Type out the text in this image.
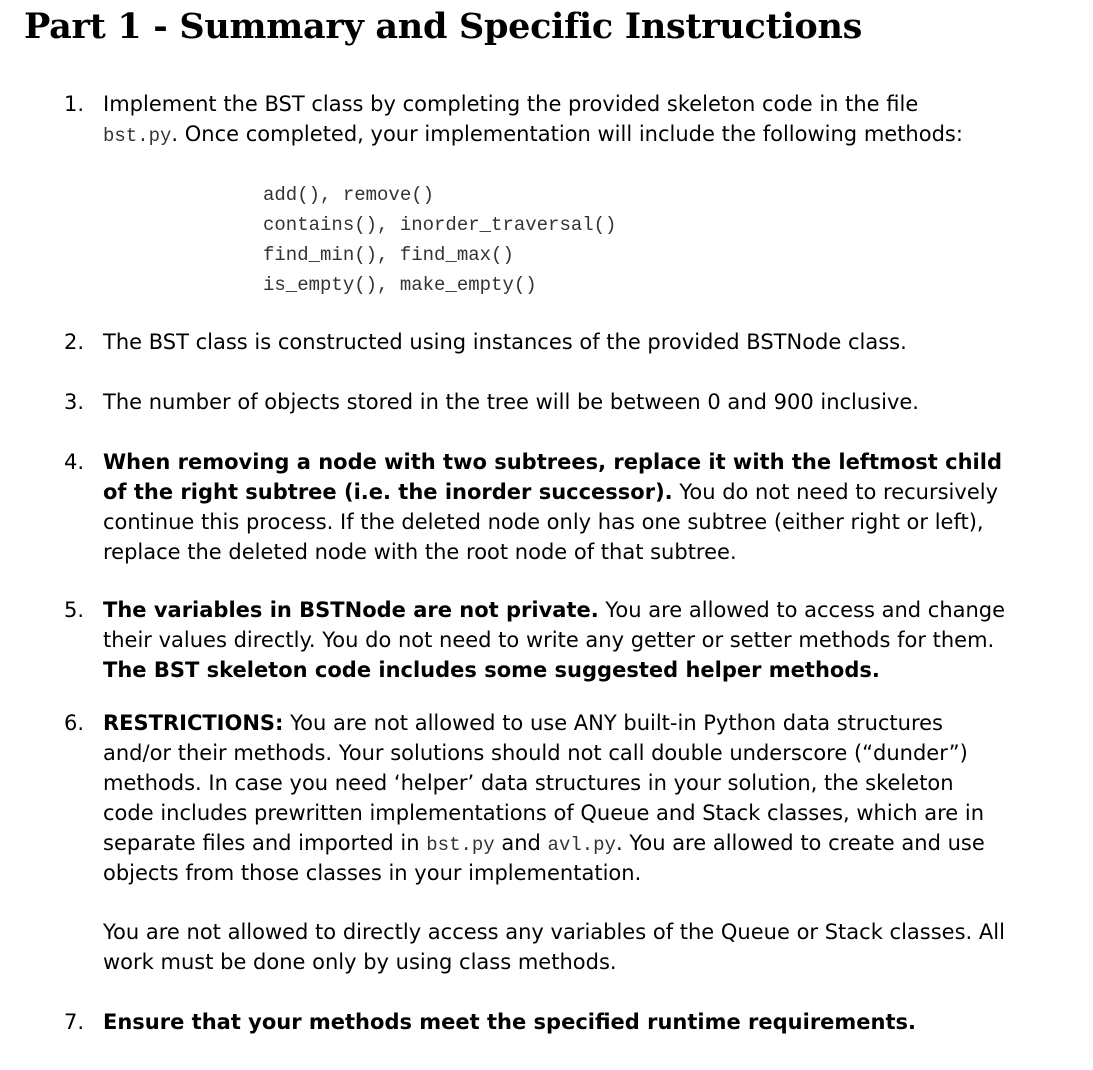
Part 1 - Summary and Specific Instructions
1. Implement the BST class by completing the provided skeleton code in the file
bst.py. Once completed, your implementation will include the following methods:
add(), remove()
contains(), inorder_traversal()
find_min(), find_max()
is_empty(), make_empty()
2. The BST class is constructed using instances of the provided BSTNode class.
3. The number of objects stored in the tree will be between 0 and 900 inclusive.
4. When removing a node with two subtrees, replace it with the leftmost child
of the right subtree (i.e. the inorder successor). You do not need to recursively
continue this process. If the deleted node only has one subtree (either right or left),
replace the deleted node with the root node of that subtree.
5. The variables in BSTNode are not private. You are allowed to access and change
their values directly. You do not need to write any getter or setter methods for them.
The BST skeleton code includes some suggested helper methods.
6. RESTRICTIONS: You are not allowed to use ANY built-in Python data structures
and/or their methods. Your solutions should not call double underscore (“dunder”)
methods. In case you need ‘helper’ data structures in your solution, the skeleton
code includes prewritten implementations of Queue and Stack classes, which are in
separate files and imported in bst.py and avl.py. You are allowed to create and use
objects from those classes in your implementation.
You are not allowed to directly access any variables of the Queue or Stack classes. All
work must be done only by using class methods.
7. Ensure that your methods meet the specified runtime requirements.
